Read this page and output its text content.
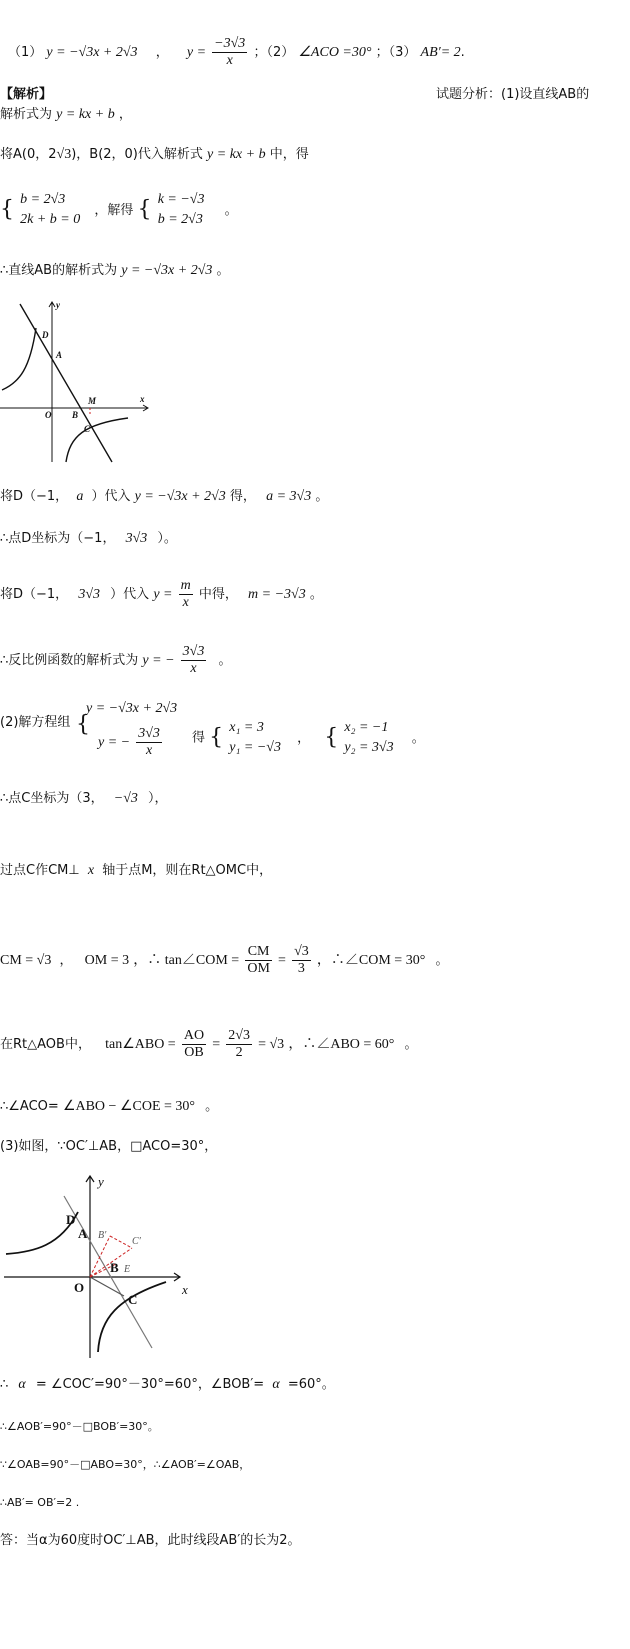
（1） y = −√3x + 2√3 ， $y = \frac{-3√3}{x}$ ；（2） ∠ACO =30° ；（3） AB′= 2.
【解析】	试题分析：(1)设直线AB的
解析式为 y = kx + b ，
将A(0，2√3)，B(2，0)代入解析式 y = kx + b 中，得
{ b = 2√3
2k + b = 0
，解得 { k = −√3
b = 2√3
。
∴直线AB的解析式为 y = −√3x + 2√3 。
y
D
A
M
O B
C
x
将D（−1， a ）代入 y = −√3x + 2√3 得， a = 3√3 。
∴点D坐标为（−1， 3√3 ）。
将D（−1， 3√3 ）代入 $y = \frac{m}{x}$ 中得， m = −3√3 。
∴反比例函数的解析式为 y = − $\frac{3√3}{x}$ 。
(2)解方程组
y = −√3x + 2√3
{
y = − $\frac{3√3}{x}$ 得 { x₁ = 3
y₁ = −√3
， { x₂ = −1
y₂ = 3√3
。
∴点C坐标为（3， −√3 ），
过点C作CM⊥ x 轴于点M，则在Rt△OMC中，
CM = √3 ， OM = 3 ，∴ tan∠COM = $\frac{CM}{OM} = \frac{√3}{3}$ ，∴∠COM = 30° 。
在Rt△AOB中， tan∠ABO = $\frac{AO}{OB} = \frac{2√3}{2} = √3$ ，∴∠ABO = 60° 。
∴∠ACO= ∠ABO − ∠COE = 30° 。
(3)如图，∵OC′⊥AB，□ACO=30°，
y
D
A B′
C′
B E
O
C
x
∴ α = ∠COC′=90°－30°=60°，∠BOB′= α =60°。
∴∠AOB′=90°－□BOB′=30°。
∵∠OAB=90°－□ABO=30°，∴∠AOB′=∠OAB，
∴AB′= OB′=2 .
答：当α为60度时OC′⊥AB，此时线段AB′的长为2。
